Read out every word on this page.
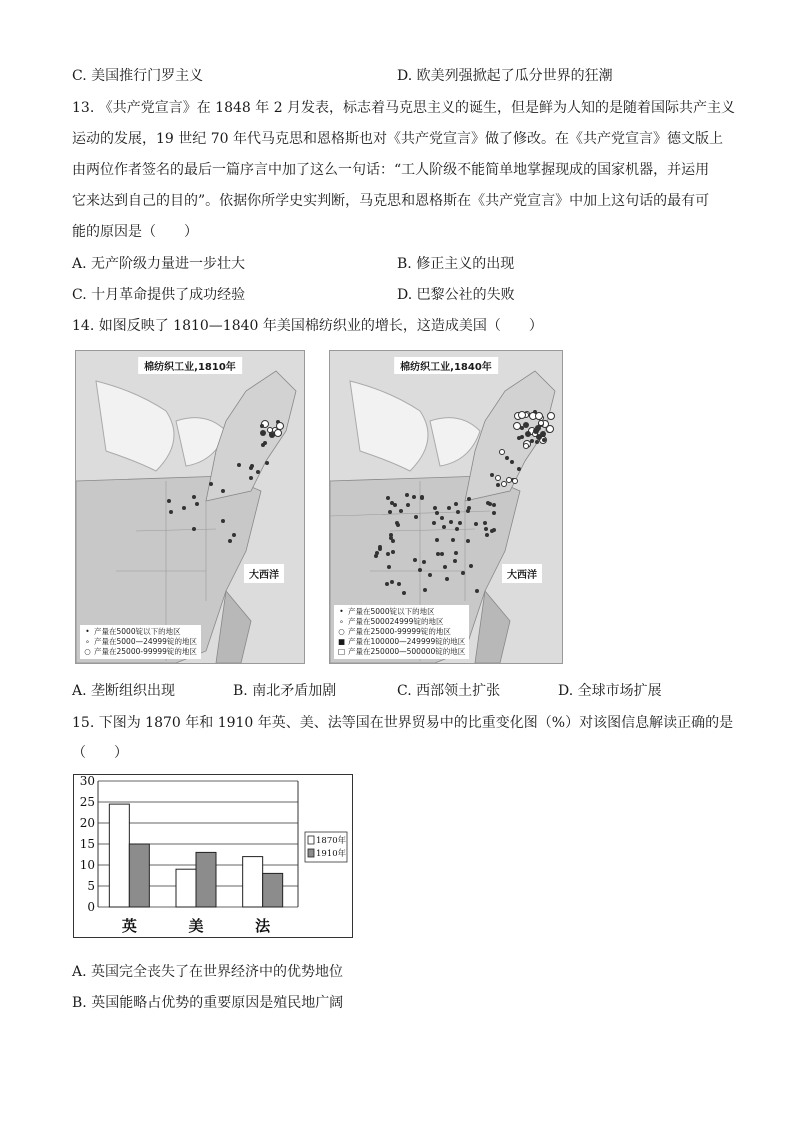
C. 美国推行门罗主义	D. 欧美列强掀起了瓜分世界的狂潮
13. 《共产党宣言》在 1848 年 2 月发表，标志着马克思主义的诞生，但是鲜为人知的是随着国际共产主义
运动的发展，19 世纪 70 年代马克思和恩格斯也对《共产党宣言》做了修改。在《共产党宣言》德文版上
由两位作者签名的最后一篇序言中加了这么一句话：“工人阶级不能简单地掌握现成的国家机器，并运用
它来达到自己的目的”。依据你所学史实判断，马克思和恩格斯在《共产党宣言》中加上这句话的最有可
能的原因是（　　）
A. 无产阶级力量进一步壮大	B. 修正主义的出现
C. 十月革命提供了成功经验	D. 巴黎公社的失败
14. 如图反映了 1810—1840 年美国棉纺织业的增长，这造成美国（　　）
棉纺织工业,1810年
大西洋
• 产量在5000锭以下的地区
∘ 产量在5000—24999锭的地区
○ 产量在25000-99999锭的地区
棉纺织工业,1840年
大西洋
• 产量在5000锭以下的地区
∘ 产量在500024999锭的地区
○ 产量在25000-99999锭的地区
■ 产量在100000—249999锭的地区
□ 产量在250000—500000锭的地区
A. 垄断组织出现	B. 南北矛盾加剧	C. 西部领土扩张	D. 全球市场扩展
15. 下图为 1870 年和 1910 年英、美、法等国在世界贸易中的比重变化图（%）对该图信息解读正确的是
（　　）
0
5
10
15
20
25
30
英	美	法
1870年
1910年
A. 英国完全丧失了在世界经济中的优势地位
B. 英国能略占优势的重要原因是殖民地广阔
